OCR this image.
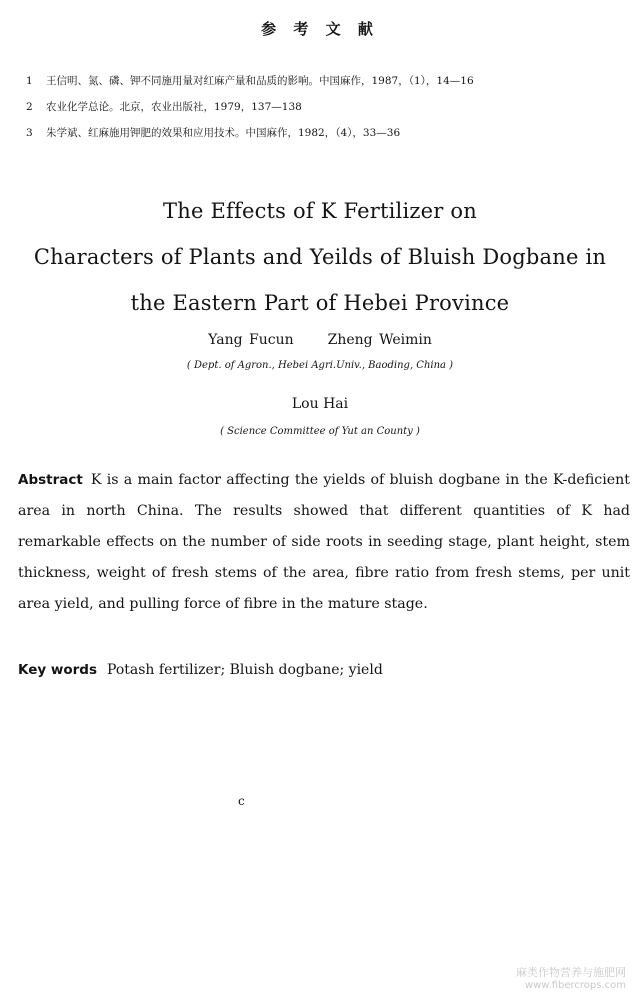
参 考 文 献
1	王信明、氮、磷、钾不同施用量对红麻产量和品质的影响。中国麻作，1987，（1），14—16
2	农业化学总论。北京，农业出版社，1979，137—138
3	朱学斌、红麻施用钾肥的效果和应用技术。中国麻作，1982，（4），33—36
The Effects of K Fertilizer on
Characters of Plants and Yeilds of Bluish Dogbane in
the Eastern Part of Hebei Province
Yang Fucun Zheng Weimin
( Dept. of Agron., Hebei Agri.Univ., Baoding, China )
Lou Hai
( Science Committee of Yut an County )

Abstract K is a main factor affecting the yields of bluish dogbane in the K-deficient area in north China. The results showed that different quantities of K had remarkable effects on the number of side roots in seeding stage, plant height, stem thickness, weight of fresh stems of the area, fibre ratio from fresh stems, per unit area yield, and pulling force of fibre in the mature stage.

Key words Potash fertilizer; Bluish dogbane; yield
c
麻类作物营养与施肥网
www.fibercrops.com
